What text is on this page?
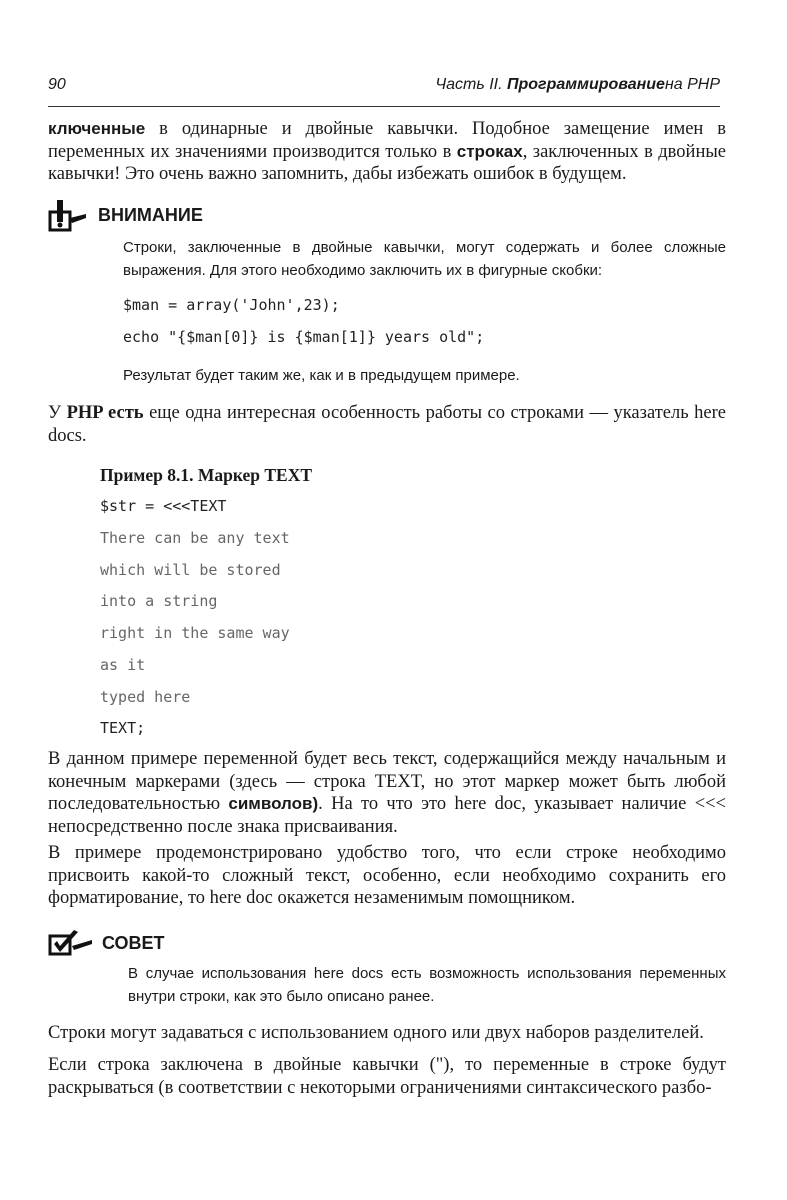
90	Часть II. Программированиена PHP

ключенные в одинарные и двойные кавычки. Подобное замещение имен в переменных их значениями производится только в строках, заключенных в двойные кавычки! Это очень важно запомнить, дабы избежать ошибок в будущем.

ВНИМАНИЕ

Строки, заключенные в двойные кавычки, могут содержать и более сложные выражения. Для этого необходимо заключить их в фигурные скобки:

$man = array('John',23);
echo "{$man[0]} is {$man[1]} years old";

Результат будет таким же, как и в предыдущем примере.

У PHP есть еще одна интересная особенность работы со строками — указатель here docs.

Пример 8.1. Маркер TEXT
$str = <<<TEXT
There can be any text
which will be stored
into a string
right in the same way
as it
typed here
TEXT;

В данном примере переменной будет весь текст, содержащийся между начальным и конечным маркерами (здесь — строка TEXT, но этот маркер может быть любой последовательностью символов). На то что это here doc, указывает наличие <<< непосредственно после знака присваивания.

В примере продемонстрировано удобство того, что если строке необходимо присвоить какой-то сложный текст, особенно, если необходимо сохранить его форматирование, то here doc окажется незаменимым помощником.

СОВЕТ

В случае использования here docs есть возможность использования переменных внутри строки, как это было описано ранее.

Строки могут задаваться с использованием одного или двух наборов разделителей.

Если строка заключена в двойные кавычки ("), то переменные в строке будут раскрываться (в соответствии с некоторыми ограничениями синтаксического разбо-
